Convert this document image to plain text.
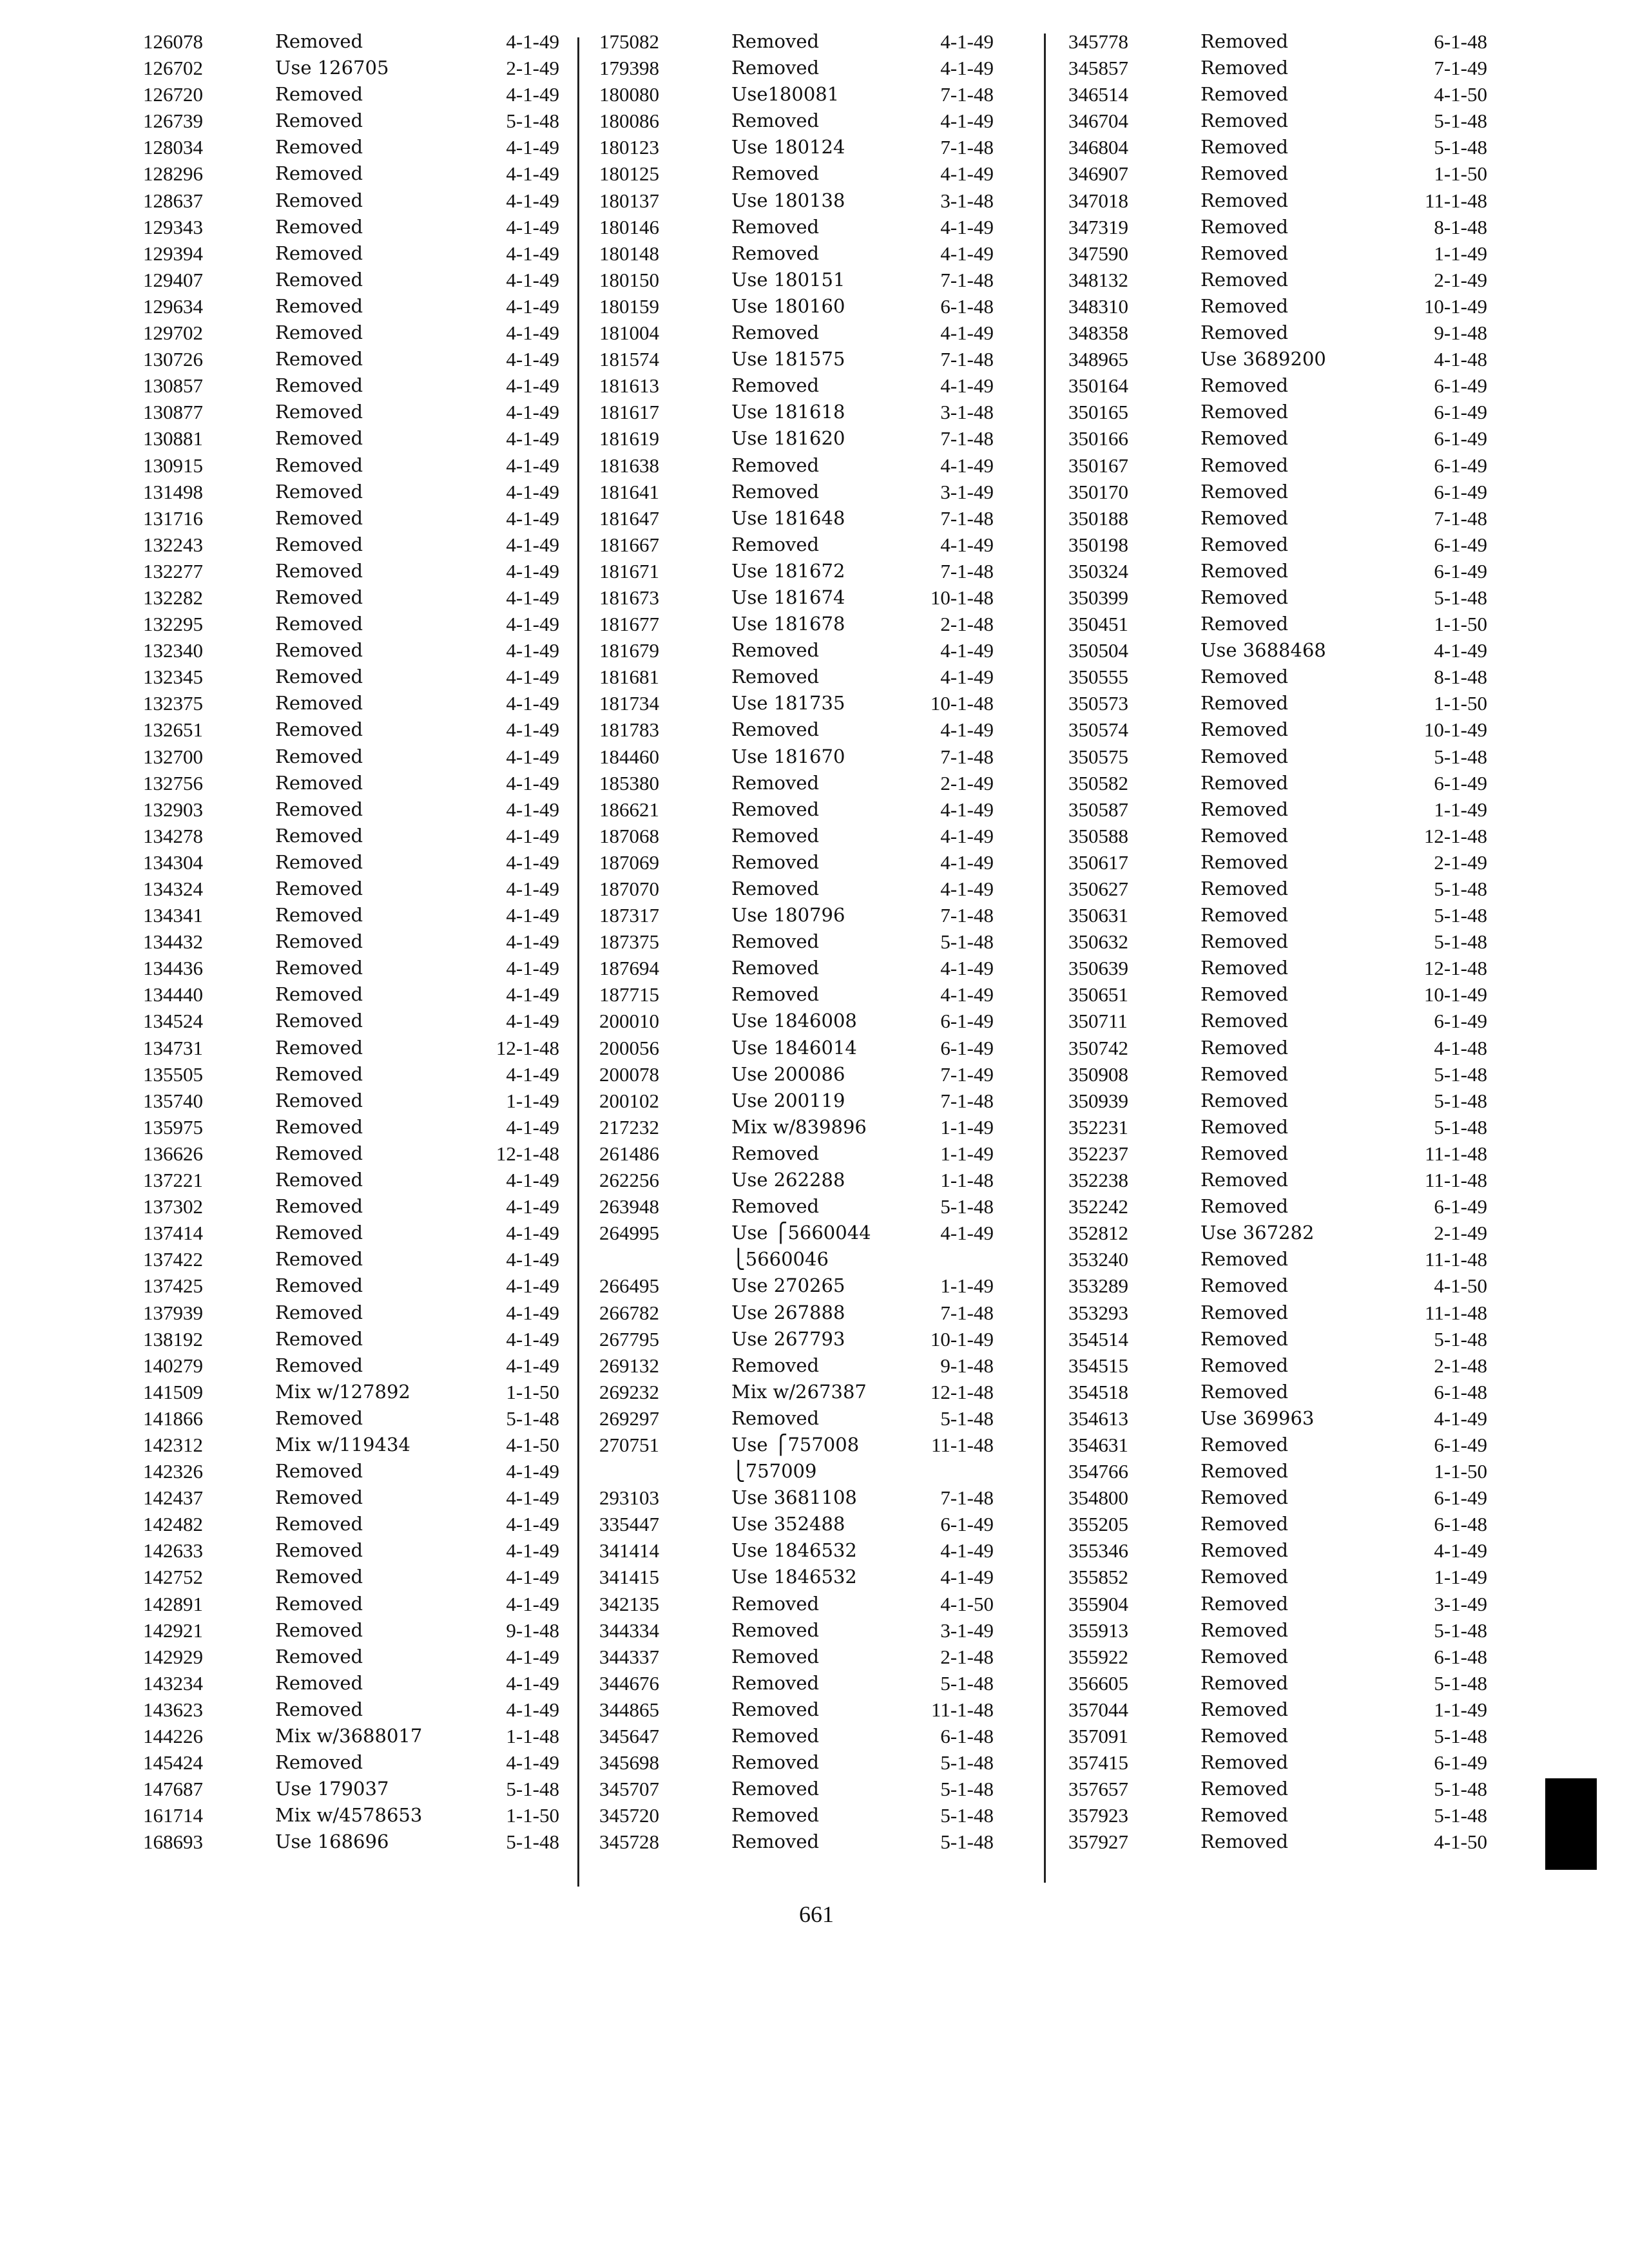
126078	Removed	4-1-49
126702	Use 126705	2-1-49
126720	Removed	4-1-49
126739	Removed	5-1-48
128034	Removed	4-1-49
128296	Removed	4-1-49
128637	Removed	4-1-49
129343	Removed	4-1-49
129394	Removed	4-1-49
129407	Removed	4-1-49
129634	Removed	4-1-49
129702	Removed	4-1-49
130726	Removed	4-1-49
130857	Removed	4-1-49
130877	Removed	4-1-49
130881	Removed	4-1-49
130915	Removed	4-1-49
131498	Removed	4-1-49
131716	Removed	4-1-49
132243	Removed	4-1-49
132277	Removed	4-1-49
132282	Removed	4-1-49
132295	Removed	4-1-49
132340	Removed	4-1-49
132345	Removed	4-1-49
132375	Removed	4-1-49
132651	Removed	4-1-49
132700	Removed	4-1-49
132756	Removed	4-1-49
132903	Removed	4-1-49
134278	Removed	4-1-49
134304	Removed	4-1-49
134324	Removed	4-1-49
134341	Removed	4-1-49
134432	Removed	4-1-49
134436	Removed	4-1-49
134440	Removed	4-1-49
134524	Removed	4-1-49
134731	Removed	12-1-48
135505	Removed	4-1-49
135740	Removed	1-1-49
135975	Removed	4-1-49
136626	Removed	12-1-48
137221	Removed	4-1-49
137302	Removed	4-1-49
137414	Removed	4-1-49
137422	Removed	4-1-49
137425	Removed	4-1-49
137939	Removed	4-1-49
138192	Removed	4-1-49
140279	Removed	4-1-49
141509	Mix w/127892	1-1-50
141866	Removed	5-1-48
142312	Mix w/119434	4-1-50
142326	Removed	4-1-49
142437	Removed	4-1-49
142482	Removed	4-1-49
142633	Removed	4-1-49
142752	Removed	4-1-49
142891	Removed	4-1-49
142921	Removed	9-1-48
142929	Removed	4-1-49
143234	Removed	4-1-49
143623	Removed	4-1-49
144226	Mix w/3688017	1-1-48
145424	Removed	4-1-49
147687	Use 179037	5-1-48
161714	Mix w/4578653	1-1-50
168693	Use 168696	5-1-48
175082	Removed	4-1-49
179398	Removed	4-1-49
180080	Use180081	7-1-48
180086	Removed	4-1-49
180123	Use 180124	7-1-48
180125	Removed	4-1-49
180137	Use 180138	3-1-48
180146	Removed	4-1-49
180148	Removed	4-1-49
180150	Use 180151	7-1-48
180159	Use 180160	6-1-48
181004	Removed	4-1-49
181574	Use 181575	7-1-48
181613	Removed	4-1-49
181617	Use 181618	3-1-48
181619	Use 181620	7-1-48
181638	Removed	4-1-49
181641	Removed	3-1-49
181647	Use 181648	7-1-48
181667	Removed	4-1-49
181671	Use 181672	7-1-48
181673	Use 181674	10-1-48
181677	Use 181678	2-1-48
181679	Removed	4-1-49
181681	Removed	4-1-49
181734	Use 181735	10-1-48
181783	Removed	4-1-49
184460	Use 181670	7-1-48
185380	Removed	2-1-49
186621	Removed	4-1-49
187068	Removed	4-1-49
187069	Removed	4-1-49
187070	Removed	4-1-49
187317	Use 180796	7-1-48
187375	Removed	5-1-48
187694	Removed	4-1-49
187715	Removed	4-1-49
200010	Use 1846008	6-1-49
200056	Use 1846014	6-1-49
200078	Use 200086	7-1-49
200102	Use 200119	7-1-48
217232	Mix w/839896	1-1-49
261486	Removed	1-1-49
262256	Use 262288	1-1-48
263948	Removed	5-1-48
264995	Use ⎧5660044	4-1-49
⎩5660046
266495	Use 270265	1-1-49
266782	Use 267888	7-1-48
267795	Use 267793	10-1-49
269132	Removed	9-1-48
269232	Mix w/267387	12-1-48
269297	Removed	5-1-48
270751	Use ⎧757008	11-1-48
⎩757009
293103	Use 3681108	7-1-48
335447	Use 352488	6-1-49
341414	Use 1846532	4-1-49
341415	Use 1846532	4-1-49
342135	Removed	4-1-50
344334	Removed	3-1-49
344337	Removed	2-1-48
344676	Removed	5-1-48
344865	Removed	11-1-48
345647	Removed	6-1-48
345698	Removed	5-1-48
345707	Removed	5-1-48
345720	Removed	5-1-48
345728	Removed	5-1-48
345778	Removed	6-1-48
345857	Removed	7-1-49
346514	Removed	4-1-50
346704	Removed	5-1-48
346804	Removed	5-1-48
346907	Removed	1-1-50
347018	Removed	11-1-48
347319	Removed	8-1-48
347590	Removed	1-1-49
348132	Removed	2-1-49
348310	Removed	10-1-49
348358	Removed	9-1-48
348965	Use 3689200	4-1-48
350164	Removed	6-1-49
350165	Removed	6-1-49
350166	Removed	6-1-49
350167	Removed	6-1-49
350170	Removed	6-1-49
350188	Removed	7-1-48
350198	Removed	6-1-49
350324	Removed	6-1-49
350399	Removed	5-1-48
350451	Removed	1-1-50
350504	Use 3688468	4-1-49
350555	Removed	8-1-48
350573	Removed	1-1-50
350574	Removed	10-1-49
350575	Removed	5-1-48
350582	Removed	6-1-49
350587	Removed	1-1-49
350588	Removed	12-1-48
350617	Removed	2-1-49
350627	Removed	5-1-48
350631	Removed	5-1-48
350632	Removed	5-1-48
350639	Removed	12-1-48
350651	Removed	10-1-49
350711	Removed	6-1-49
350742	Removed	4-1-48
350908	Removed	5-1-48
350939	Removed	5-1-48
352231	Removed	5-1-48
352237	Removed	11-1-48
352238	Removed	11-1-48
352242	Removed	6-1-49
352812	Use 367282	2-1-49
353240	Removed	11-1-48
353289	Removed	4-1-50
353293	Removed	11-1-48
354514	Removed	5-1-48
354515	Removed	2-1-48
354518	Removed	6-1-48
354613	Use 369963	4-1-49
354631	Removed	6-1-49
354766	Removed	1-1-50
354800	Removed	6-1-49
355205	Removed	6-1-48
355346	Removed	4-1-49
355852	Removed	1-1-49
355904	Removed	3-1-49
355913	Removed	5-1-48
355922	Removed	6-1-48
356605	Removed	5-1-48
357044	Removed	1-1-49
357091	Removed	5-1-48
357415	Removed	6-1-49
357657	Removed	5-1-48
357923	Removed	5-1-48
357927	Removed	4-1-50
661
